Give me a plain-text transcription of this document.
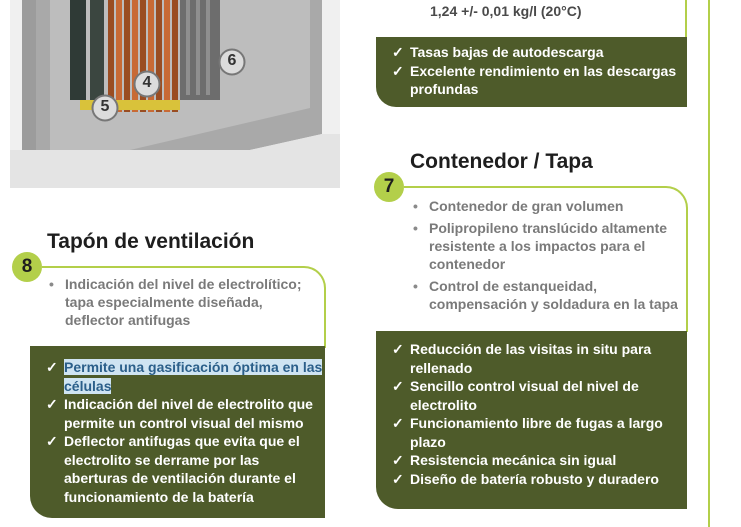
4
5
6
1,24 +/- 0,01 kg/l (20°C)
✓ Tasas bajas de autodescarga
✓ Excelente rendimiento en las descargas profundas
Contenedor / Tapa
7
• Contenedor de gran volumen
• Polipropileno translúcido altamente resistente a los impactos para el contenedor
• Control de estanqueidad, compensación y soldadura en la tapa
✓ Reducción de las visitas in situ para rellenado
✓ Sencillo control visual del nivel de electrolito
✓ Funcionamiento libre de fugas a largo plazo
✓ Resistencia mecánica sin igual
✓ Diseño de batería robusto y duradero
Tapón de ventilación
8
• Indicación del nivel de electrolítico; tapa especialmente diseñada, deflector antifugas
✓ Permite una gasificación óptima en las células
✓ Indicación del nivel de electrolito que permite un control visual del mismo
✓ Deflector antifugas que evita que el electrolito se derrame por las aberturas de ventilación durante el funcionamiento de la batería
